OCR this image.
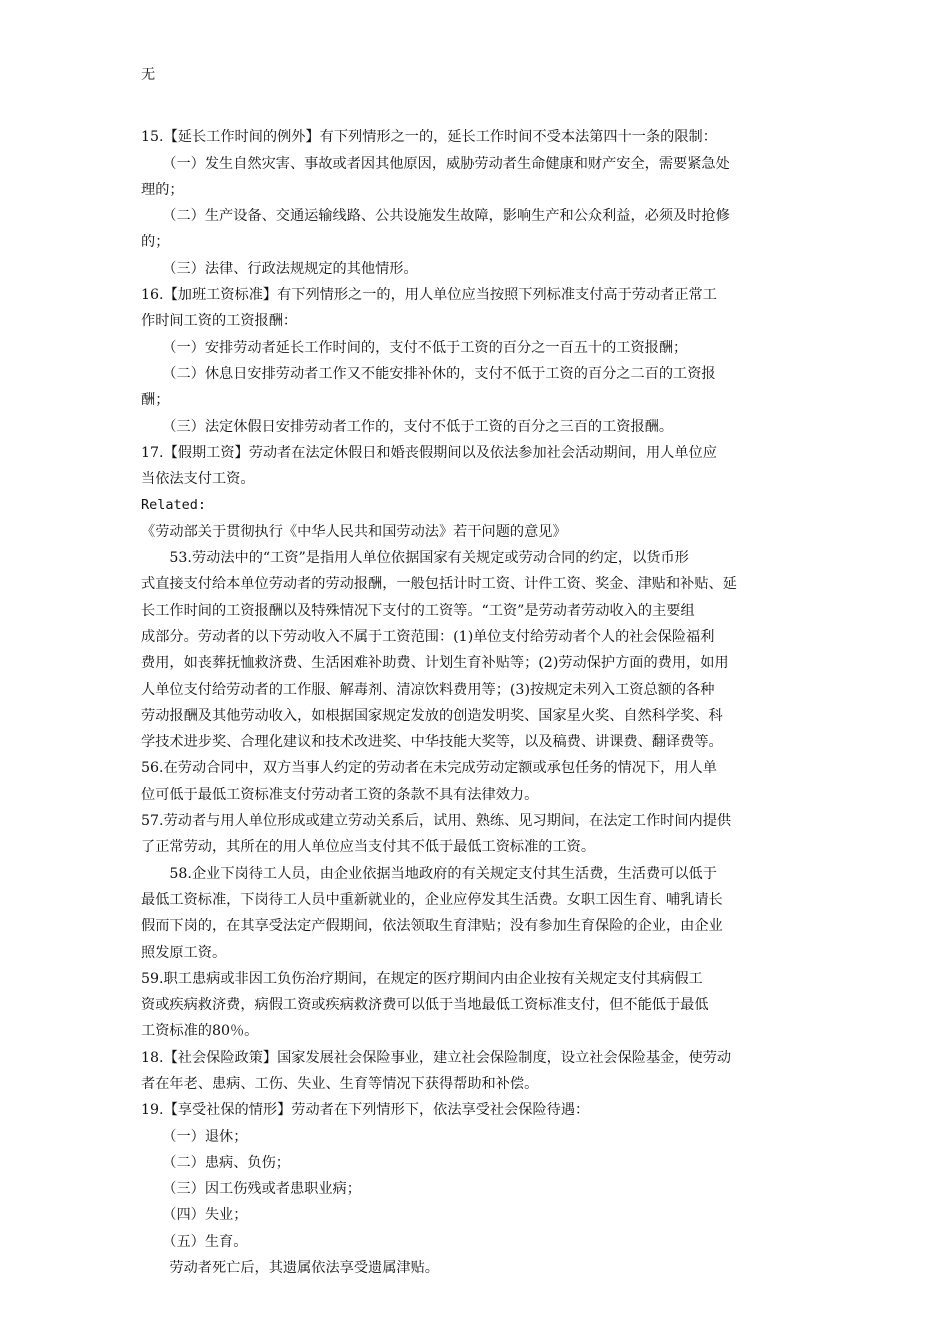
无

15.【延长工作时间的例外】有下列情形之一的，延长工作时间不受本法第四十一条的限制：

　　（一）发生自然灾害、事故或者因其他原因，威胁劳动者生命健康和财产安全，需要紧急处

理的；

　　（二）生产设备、交通运输线路、公共设施发生故障，影响生产和公众利益，必须及时抢修

的；

　　（三）法律、行政法规规定的其他情形。

16.【加班工资标准】有下列情形之一的，用人单位应当按照下列标准支付高于劳动者正常工

作时间工资的工资报酬：

　　（一）安排劳动者延长工作时间的，支付不低于工资的百分之一百五十的工资报酬；

　　（二）休息日安排劳动者工作又不能安排补休的，支付不低于工资的百分之二百的工资报

酬；

　　（三）法定休假日安排劳动者工作的，支付不低于工资的百分之三百的工资报酬。

17.【假期工资】劳动者在法定休假日和婚丧假期间以及依法参加社会活动期间，用人单位应

当依法支付工资。

Related:

《劳动部关于贯彻执行《中华人民共和国劳动法》若干问题的意见》

　　53.劳动法中的“工资”是指用人单位依据国家有关规定或劳动合同的约定，以货币形

式直接支付给本单位劳动者的劳动报酬，一般包括计时工资、计件工资、奖金、津贴和补贴、延

长工作时间的工资报酬以及特殊情况下支付的工资等。“工资”是劳动者劳动收入的主要组

成部分。劳动者的以下劳动收入不属于工资范围：(1)单位支付给劳动者个人的社会保险福利

费用，如丧葬抚恤救济费、生活困难补助费、计划生育补贴等；(2)劳动保护方面的费用，如用

人单位支付给劳动者的工作服、解毒剂、清凉饮料费用等；(3)按规定未列入工资总额的各种

劳动报酬及其他劳动收入，如根据国家规定发放的创造发明奖、国家星火奖、自然科学奖、科

学技术进步奖、合理化建议和技术改进奖、中华技能大奖等，以及稿费、讲课费、翻译费等。

56.在劳动合同中，双方当事人约定的劳动者在未完成劳动定额或承包任务的情况下，用人单

位可低于最低工资标准支付劳动者工资的条款不具有法律效力。

57.劳动者与用人单位形成或建立劳动关系后，试用、熟练、见习期间，在法定工作时间内提供

了正常劳动，其所在的用人单位应当支付其不低于最低工资标准的工资。

　　58.企业下岗待工人员，由企业依据当地政府的有关规定支付其生活费，生活费可以低于

最低工资标准，下岗待工人员中重新就业的，企业应停发其生活费。女职工因生育、哺乳请长

假而下岗的，在其享受法定产假期间，依法领取生育津贴；没有参加生育保险的企业，由企业

照发原工资。

59.职工患病或非因工负伤治疗期间，在规定的医疗期间内由企业按有关规定支付其病假工

资或疾病救济费，病假工资或疾病救济费可以低于当地最低工资标准支付，但不能低于最低

工资标准的80％。

18.【社会保险政策】国家发展社会保险事业，建立社会保险制度，设立社会保险基金，使劳动

者在年老、患病、工伤、失业、生育等情况下获得帮助和补偿。

19.【享受社保的情形】劳动者在下列情形下，依法享受社会保险待遇：

　　（一）退休；

　　（二）患病、负伤；

　　（三）因工伤残或者患职业病；

　　（四）失业；

　　（五）生育。

　　劳动者死亡后，其遗属依法享受遗属津贴。
